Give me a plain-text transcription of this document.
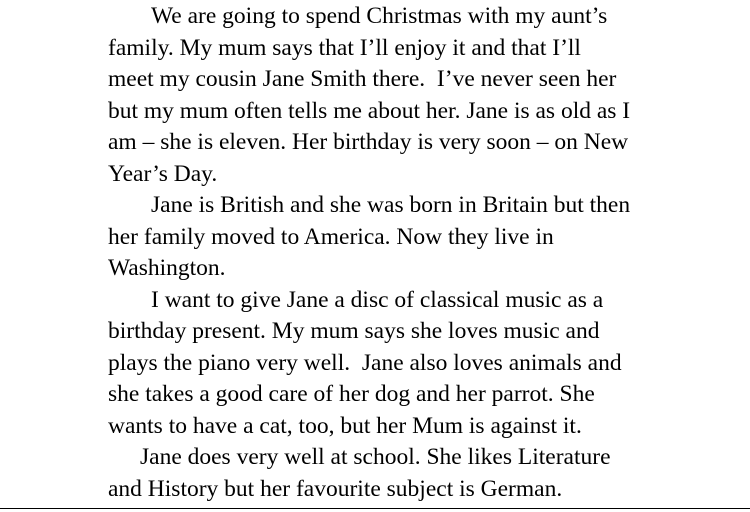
We are going to spend Christmas with my aunt’s
family. My mum says that I’ll enjoy it and that I’ll
meet my cousin Jane Smith there.  I’ve never seen her
but my mum often tells me about her. Jane is as old as I
am – she is eleven. Her birthday is very soon – on New
Year’s Day.
Jane is British and she was born in Britain but then
her family moved to America. Now they live in
Washington.
I want to give Jane a disc of classical music as a
birthday present. My mum says she loves music and
plays the piano very well.  Jane also loves animals and
she takes a good care of her dog and her parrot. She
wants to have a cat, too, but her Mum is against it.
Jane does very well at school. She likes Literature
and History but her favourite subject is German.
